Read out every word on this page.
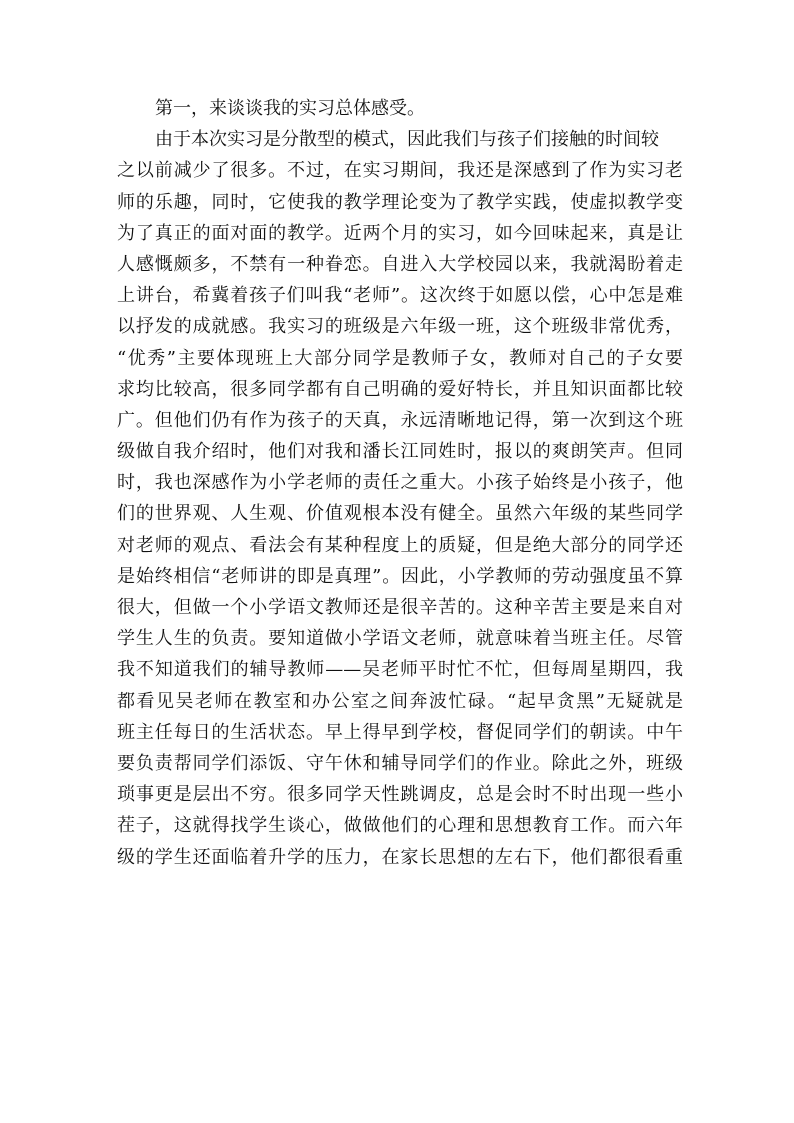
第一，来谈谈我的实习总体感受。
由于本次实习是分散型的模式，因此我们与孩子们接触的时间较
之以前减少了很多。不过，在实习期间，我还是深感到了作为实习老
师的乐趣，同时，它使我的教学理论变为了教学实践，使虚拟教学变
为了真正的面对面的教学。近两个月的实习，如今回味起来，真是让
人感慨颇多，不禁有一种眷恋。自进入大学校园以来，我就渴盼着走
上讲台，希冀着孩子们叫我“老师”。这次终于如愿以偿，心中怎是难
以抒发的成就感。我实习的班级是六年级一班，这个班级非常优秀，
“优秀”主要体现班上大部分同学是教师子女，教师对自己的子女要
求均比较高，很多同学都有自己明确的爱好特长，并且知识面都比较
广。但他们仍有作为孩子的天真，永远清晰地记得，第一次到这个班
级做自我介绍时，他们对我和潘长江同姓时，报以的爽朗笑声。但同
时，我也深感作为小学老师的责任之重大。小孩子始终是小孩子，他
们的世界观、人生观、价值观根本没有健全。虽然六年级的某些同学
对老师的观点、看法会有某种程度上的质疑，但是绝大部分的同学还
是始终相信“老师讲的即是真理”。因此，小学教师的劳动强度虽不算
很大，但做一个小学语文教师还是很辛苦的。这种辛苦主要是来自对
学生人生的负责。要知道做小学语文老师，就意味着当班主任。尽管
我不知道我们的辅导教师——吴老师平时忙不忙，但每周星期四，我
都看见吴老师在教室和办公室之间奔波忙碌。“起早贪黑”无疑就是
班主任每日的生活状态。早上得早到学校，督促同学们的朝读。中午
要负责帮同学们添饭、守午休和辅导同学们的作业。除此之外，班级
琐事更是层出不穷。很多同学天性跳调皮，总是会时不时出现一些小
茬子，这就得找学生谈心，做做他们的心理和思想教育工作。而六年
级的学生还面临着升学的压力，在家长思想的左右下，他们都很看重
